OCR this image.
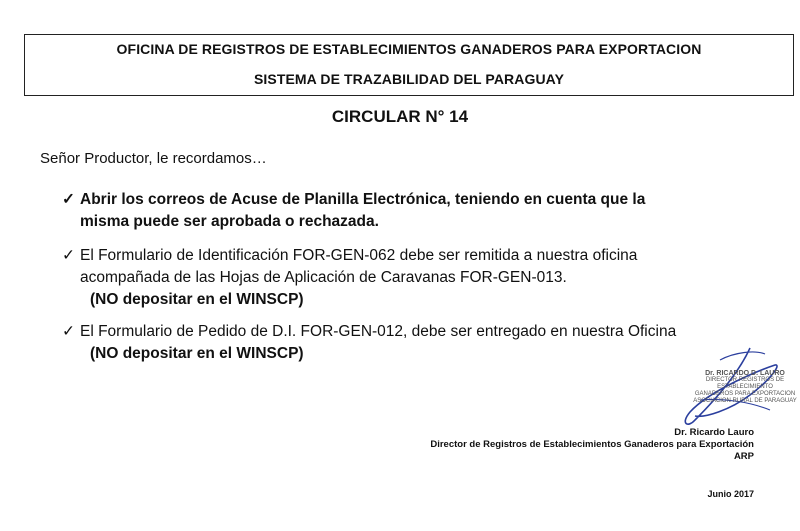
OFICINA DE REGISTROS DE ESTABLECIMIENTOS GANADEROS PARA EXPORTACION
SISTEMA DE TRAZABILIDAD DEL PARAGUAY
CIRCULAR N° 14
Señor Productor, le recordamos…
✓ Abrir los correos de Acuse de Planilla Electrónica, teniendo en cuenta que la
misma puede ser aprobada o rechazada.
✓ El Formulario de Identificación FOR-GEN-062 debe ser remitida a nuestra oficina
acompañada de las Hojas de Aplicación de Caravanas FOR-GEN-013.
(NO depositar en el WINSCP)
✓ El Formulario de Pedido de D.I. FOR-GEN-012, debe ser entregado en nuestra Oficina
(NO depositar en el WINSCP)
Dr. RICARDO D. LAURO
DIRECTOR REGISTROS DE ESTABLECIMIENTO
GANADEROS PARA EXPORTACION
ASOCIACION RURAL DE PARAGUAY
Dr. Ricardo Lauro
Director de Registros de Establecimientos Ganaderos para Exportación
ARP
Junio 2017
